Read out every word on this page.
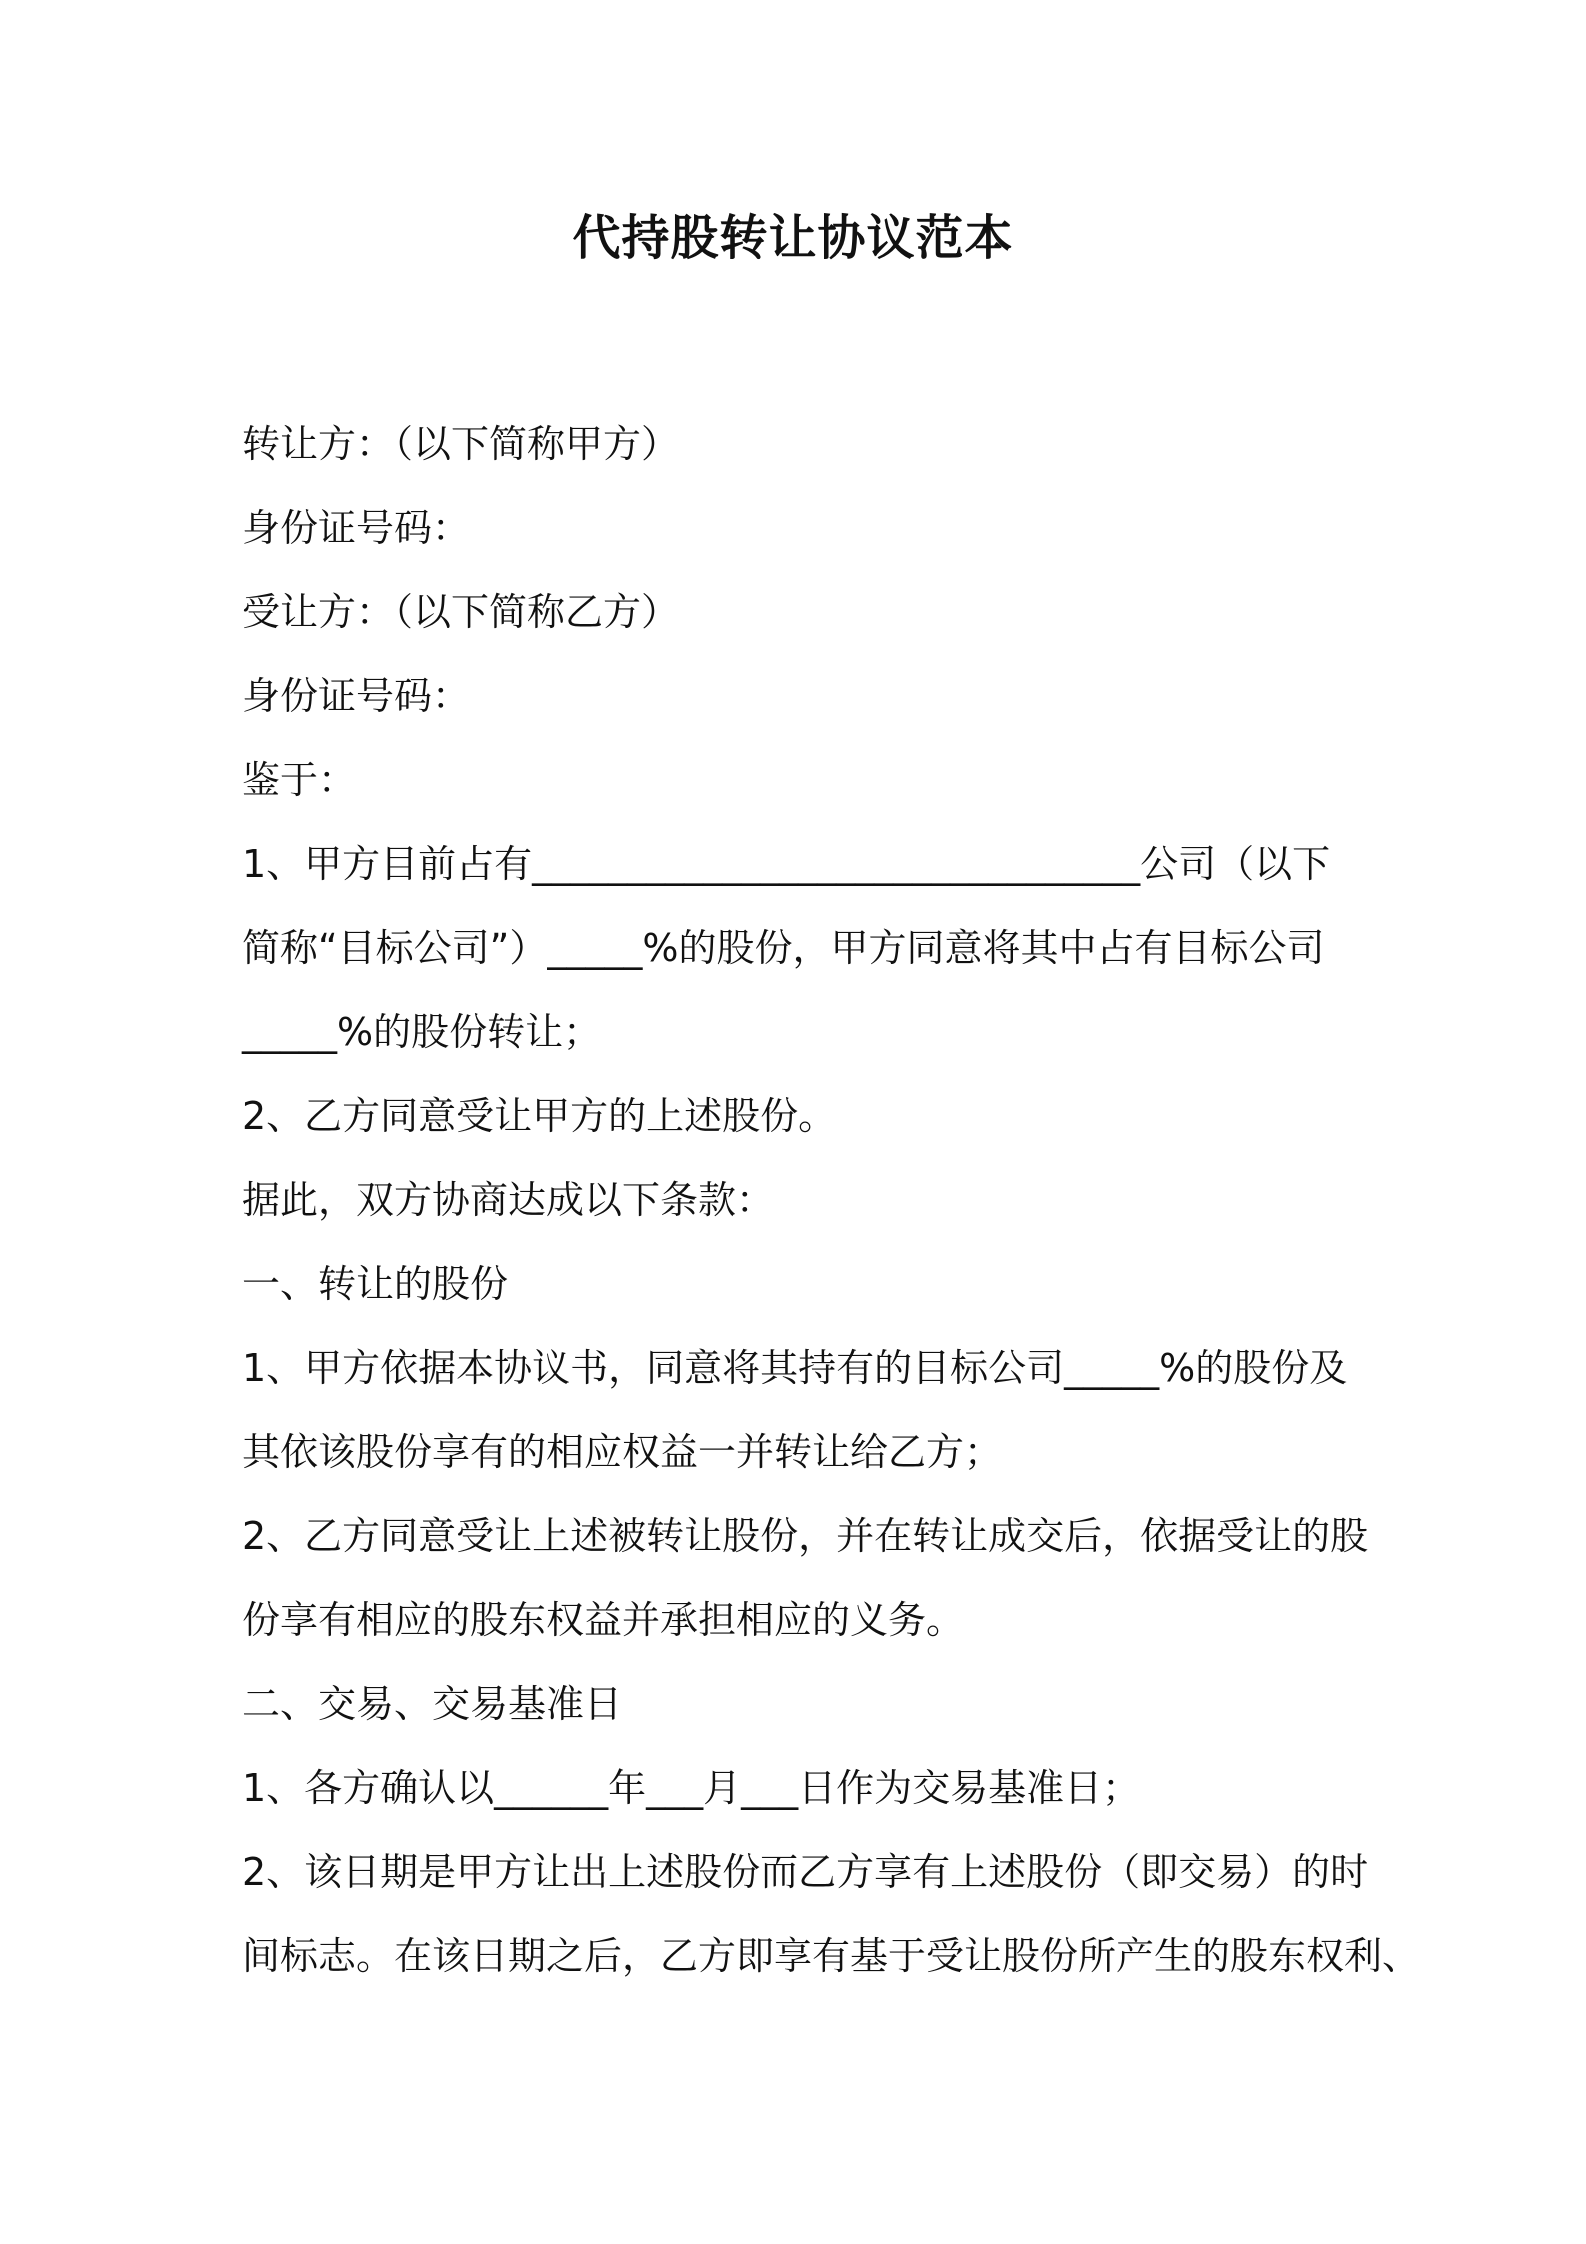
代持股转让协议范本
转让方：（以下简称甲方）
身份证号码：
受让方：（以下简称乙方）
身份证号码：
鉴于：
1、甲方目前占有________________________________公司（以下
简称“目标公司”）_____%的股份，甲方同意将其中占有目标公司
_____%的股份转让；
2、乙方同意受让甲方的上述股份。
据此，双方协商达成以下条款：
一、转让的股份
1、甲方依据本协议书，同意将其持有的目标公司_____%的股份及
其依该股份享有的相应权益一并转让给乙方；
2、乙方同意受让上述被转让股份，并在转让成交后，依据受让的股
份享有相应的股东权益并承担相应的义务。
二、交易、交易基准日
1、各方确认以______年___月___日作为交易基准日；
2、该日期是甲方让出上述股份而乙方享有上述股份（即交易）的时
间标志。在该日期之后，乙方即享有基于受让股份所产生的股东权利、
